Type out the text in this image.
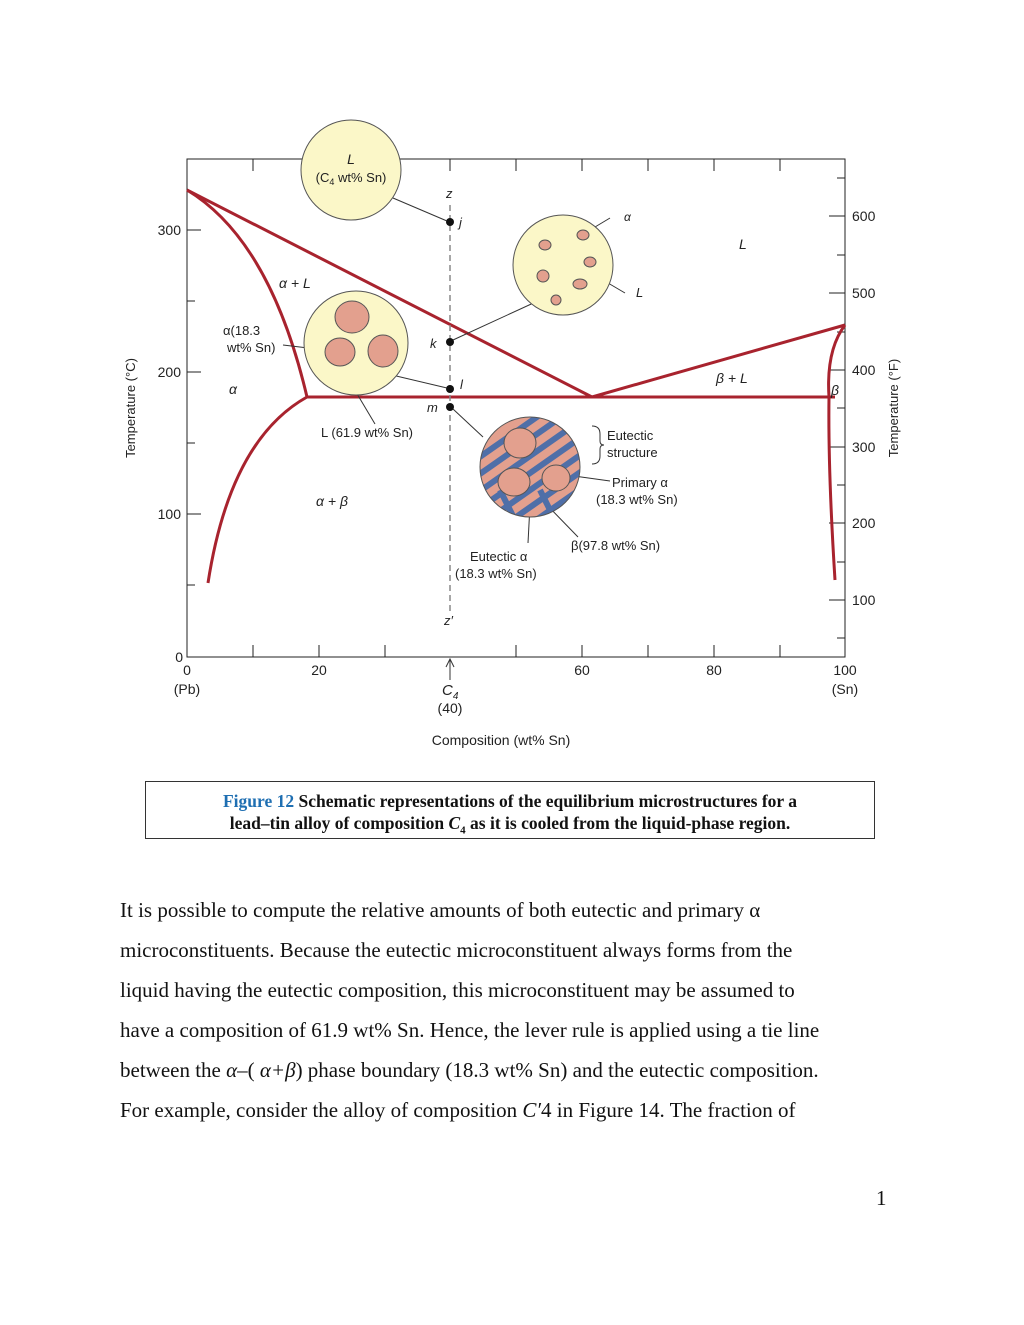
0	20	60	80	100
(Pb)	(Sn)
0
100
200
300
100
200
300
400
500
600
$C_4$
(40)
Composition (wt% Sn)
Temperature (°C)	Temperature (°F)
L
α + L
β + L
α
α + β
β
z
j
k
l
m
z′
L
($C_4$ wt% Sn)
α
L
α(18.3
wt% Sn)
L (61.9 wt% Sn)	Eutectic
structure
Primary α
(18.3 wt% Sn)
β(97.8 wt% Sn)
Eutectic α
(18.3 wt% Sn)
Figure 12 Schematic representations of the equilibrium microstructures for a
lead–tin alloy of composition $C_4$ as it is cooled from the liquid-phase region.

It is possible to compute the relative amounts of both eutectic and primary α

microconstituents. Because the eutectic microconstituent always forms from the

liquid having the eutectic composition, this microconstituent may be assumed to

have a composition of 61.9 wt% Sn. Hence, the lever rule is applied using a tie line

between the α–( α+β) phase boundary (18.3 wt% Sn) and the eutectic composition.

For example, consider the alloy of composition C′4 in Figure 14. The fraction of

1
